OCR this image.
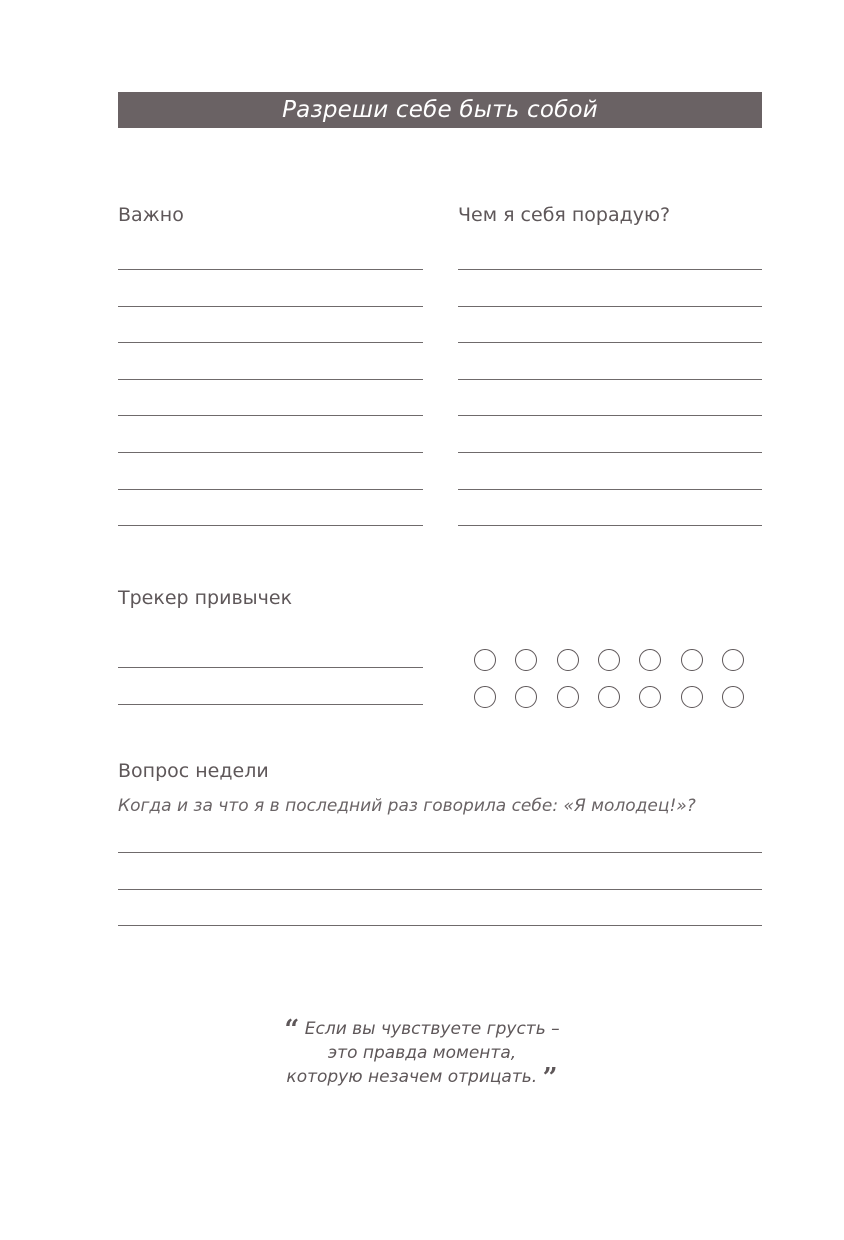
Разреши себе быть собой
Важно	Чем я себя порадую?
Трекер привычек
Вопрос недели
Когда и за что я в последний раз говорила себе: «Я молодец!»?
“ Если вы чувствуете грусть –
это правда момента,
которую незачем отрицать. ”
